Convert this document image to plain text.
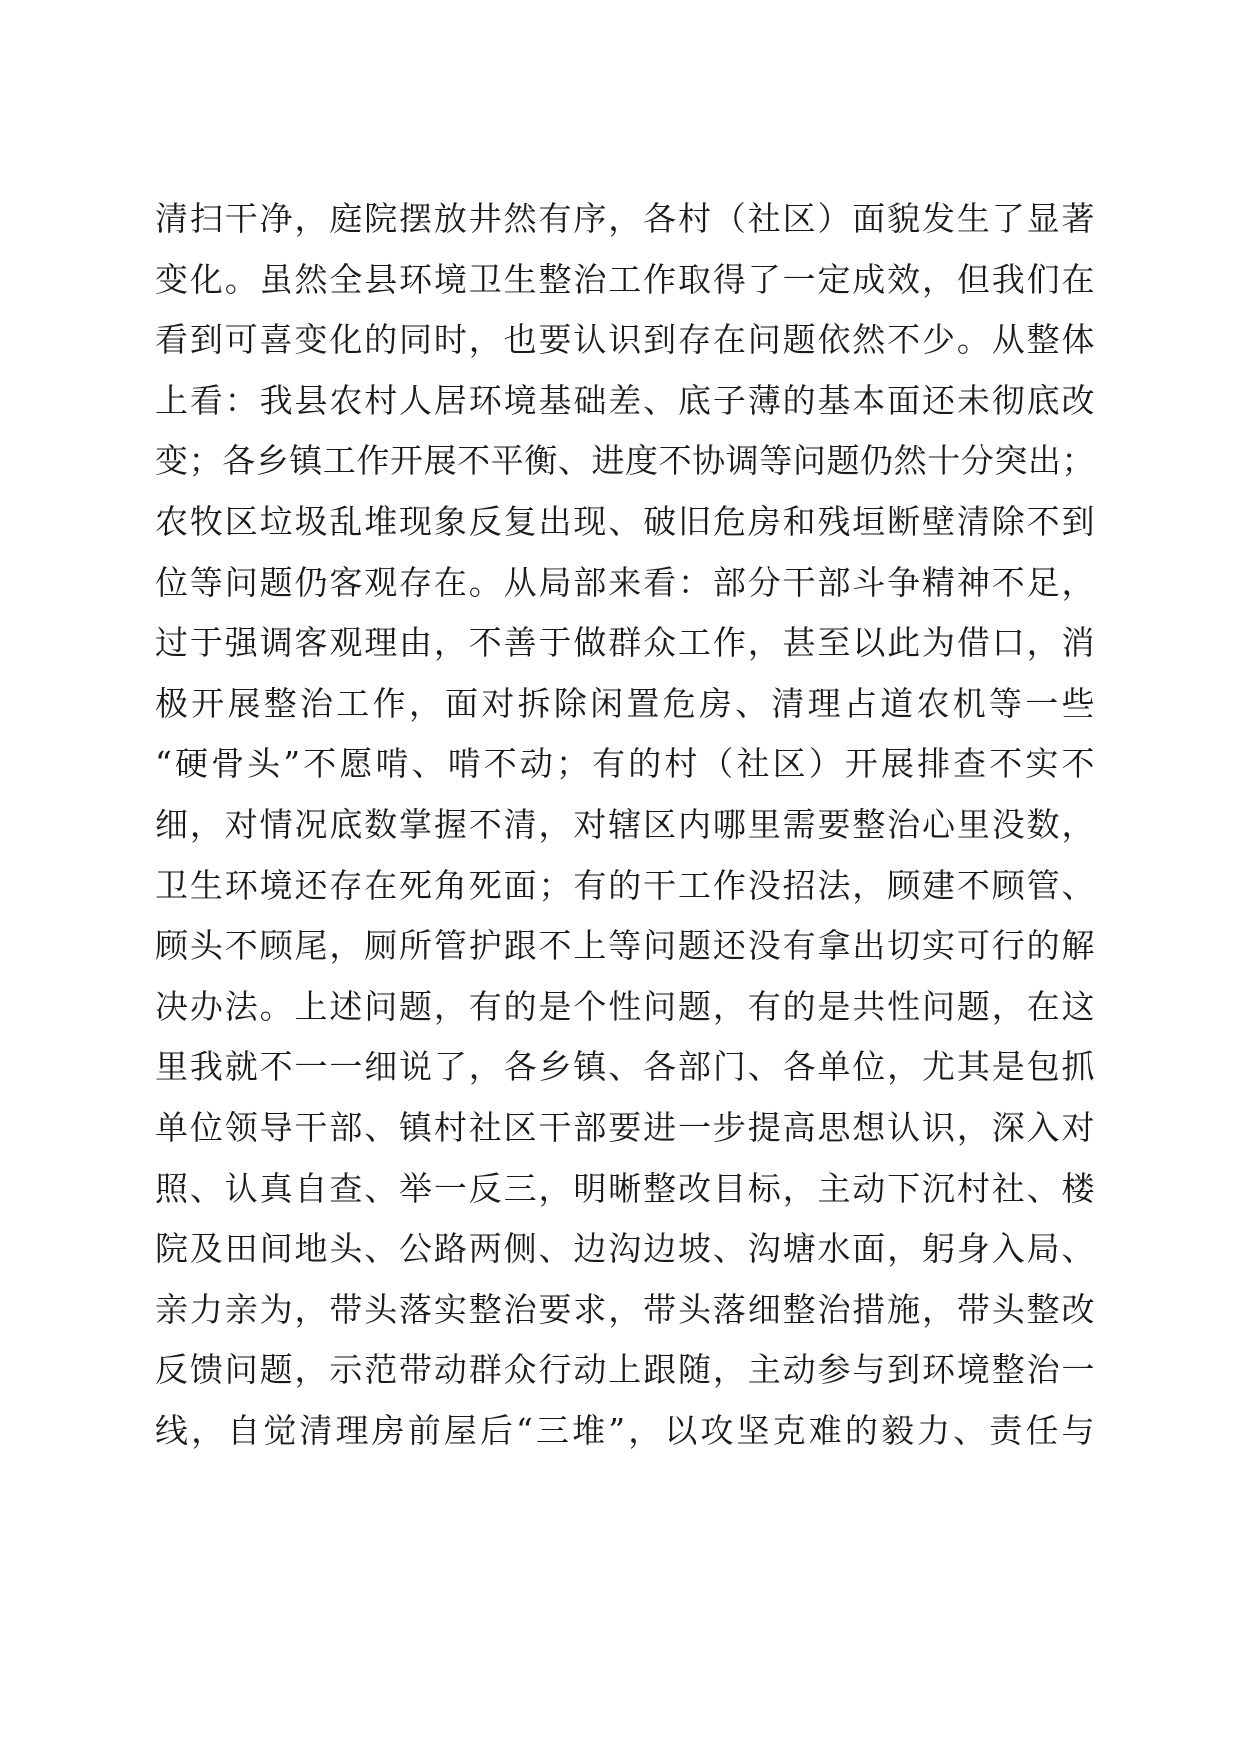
清扫干净，庭院摆放井然有序，各村（社区）面貌发生了显著
变化。虽然全县环境卫生整治工作取得了一定成效，但我们在
看到可喜变化的同时，也要认识到存在问题依然不少。从整体
上看：我县农村人居环境基础差、底子薄的基本面还未彻底改
变；各乡镇工作开展不平衡、进度不协调等问题仍然十分突出；
农牧区垃圾乱堆现象反复出现、破旧危房和残垣断壁清除不到
位等问题仍客观存在。从局部来看：部分干部斗争精神不足，
过于强调客观理由，不善于做群众工作，甚至以此为借口，消
极开展整治工作，面对拆除闲置危房、清理占道农机等一些
“硬骨头”不愿啃、啃不动；有的村（社区）开展排查不实不
细，对情况底数掌握不清，对辖区内哪里需要整治心里没数，
卫生环境还存在死角死面；有的干工作没招法，顾建不顾管、
顾头不顾尾，厕所管护跟不上等问题还没有拿出切实可行的解
决办法。上述问题，有的是个性问题，有的是共性问题，在这
里我就不一一细说了，各乡镇、各部门、各单位，尤其是包抓
单位领导干部、镇村社区干部要进一步提高思想认识，深入对
照、认真自查、举一反三，明晰整改目标，主动下沉村社、楼
院及田间地头、公路两侧、边沟边坡、沟塘水面，躬身入局、
亲力亲为，带头落实整治要求，带头落细整治措施，带头整改
反馈问题，示范带动群众行动上跟随，主动参与到环境整治一
线，自觉清理房前屋后“三堆”，以攻坚克难的毅力、责任与
